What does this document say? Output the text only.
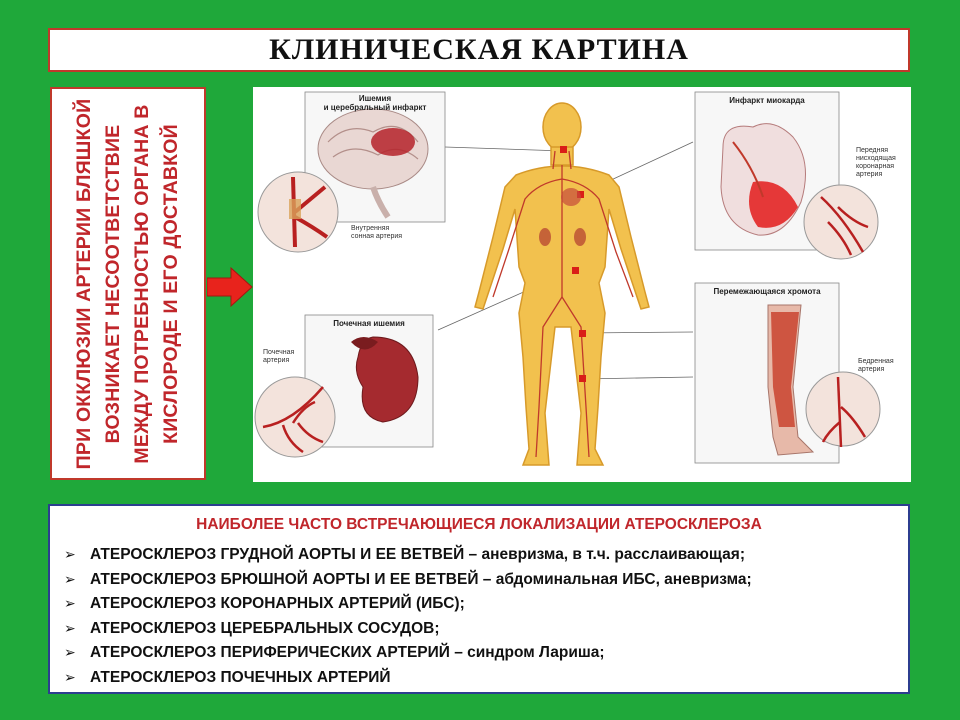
КЛИНИЧЕСКАЯ КАРТИНА
ПРИ ОККЛЮЗИИ АРТЕРИИ БЛЯШКОЙ ВОЗНИКАЕТ НЕСООТВЕТСТВИЕ МЕЖДУ ПОТРЕБНОСТЬЮ ОРГАНА В КИСЛОРОДЕ И ЕГО ДОСТАВКОЙ
Ишемия
и церебральный инфаркт
Внутренняя
сонная артерия
Инфаркт миокарда
Передняя
нисходящая
коронарная
артерия
Почечная ишемия
Почечная
артерия
Перемежающаяся хромота
Бедренная
артерия
НАИБОЛЕЕ ЧАСТО ВСТРЕЧАЮЩИЕСЯ ЛОКАЛИЗАЦИИ АТЕРОСКЛЕРОЗА
➢ АТЕРОСКЛЕРОЗ ГРУДНОЙ АОРТЫ И ЕЕ ВЕТВЕЙ – аневризма, в т.ч. расслаивающая;
➢ АТЕРОСКЛЕРОЗ БРЮШНОЙ АОРТЫ И ЕЕ ВЕТВЕЙ – абдоминальная ИБС, аневризма;
➢ АТЕРОСКЛЕРОЗ КОРОНАРНЫХ АРТЕРИЙ (ИБС);
➢ АТЕРОСКЛЕРОЗ ЦЕРЕБРАЛЬНЫХ СОСУДОВ;
➢ АТЕРОСКЛЕРОЗ ПЕРИФЕРИЧЕСКИХ АРТЕРИЙ – синдром Лариша;
➢ АТЕРОСКЛЕРОЗ ПОЧЕЧНЫХ АРТЕРИЙ
